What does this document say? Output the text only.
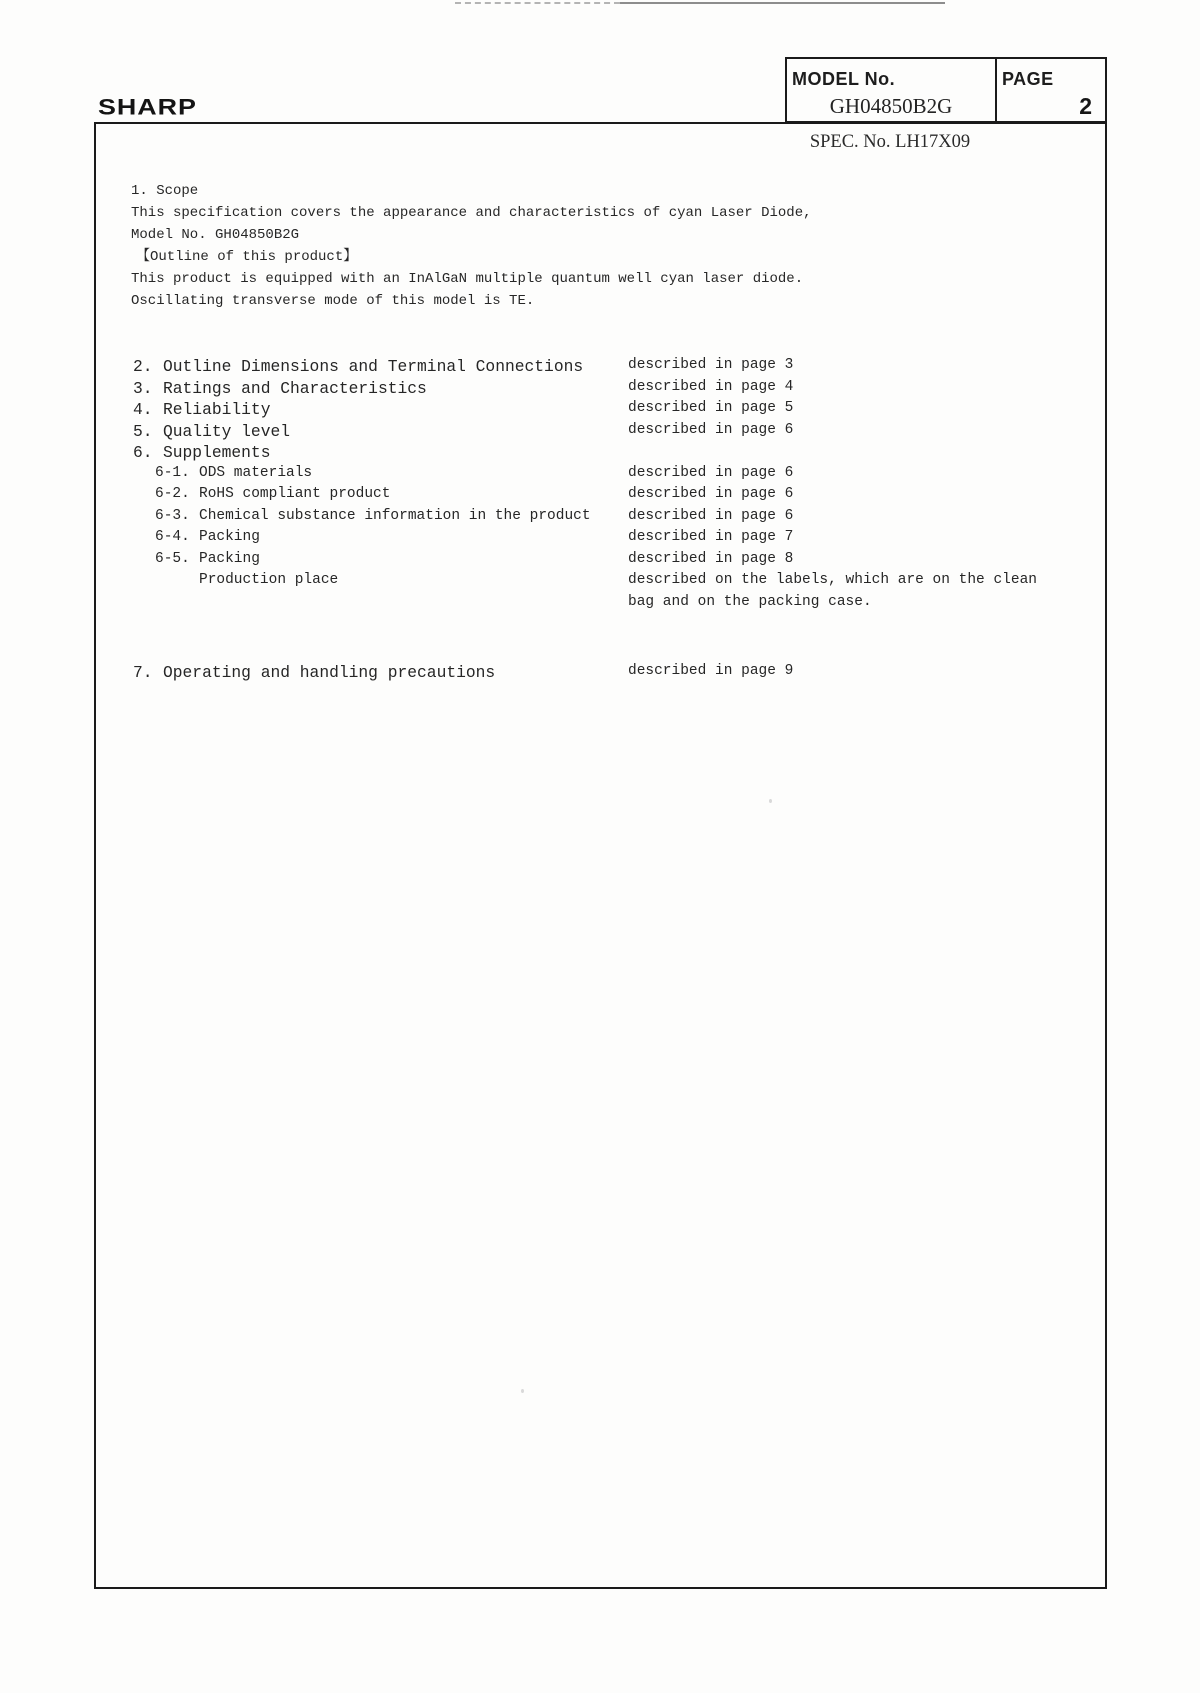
SHARP
MODEL No.
GH04850B2G
PAGE
2
SPEC. No. LH17X09
1. Scope
This specification covers the appearance and characteristics of cyan Laser Diode,
Model No. GH04850B2G
【Outline of this product】
This product is equipped with an InAlGaN multiple quantum well cyan laser diode.
Oscillating transverse mode of this model is TE.
2. Outline Dimensions and Terminal Connections	described in page 3
3. Ratings and Characteristics	described in page 4
4. Reliability	described in page 5
5. Quality level	described in page 6
6. Supplements
6-1. ODS materials	described in page 6
6-2. RoHS compliant product	described in page 6
6-3. Chemical substance information in the product	described in page 6
6-4. Packing	described in page 7
6-5. Packing	described in page 8
Production place	described on the labels, which are on the clean
bag and on the packing case.
7. Operating and handling precautions	described in page 9
